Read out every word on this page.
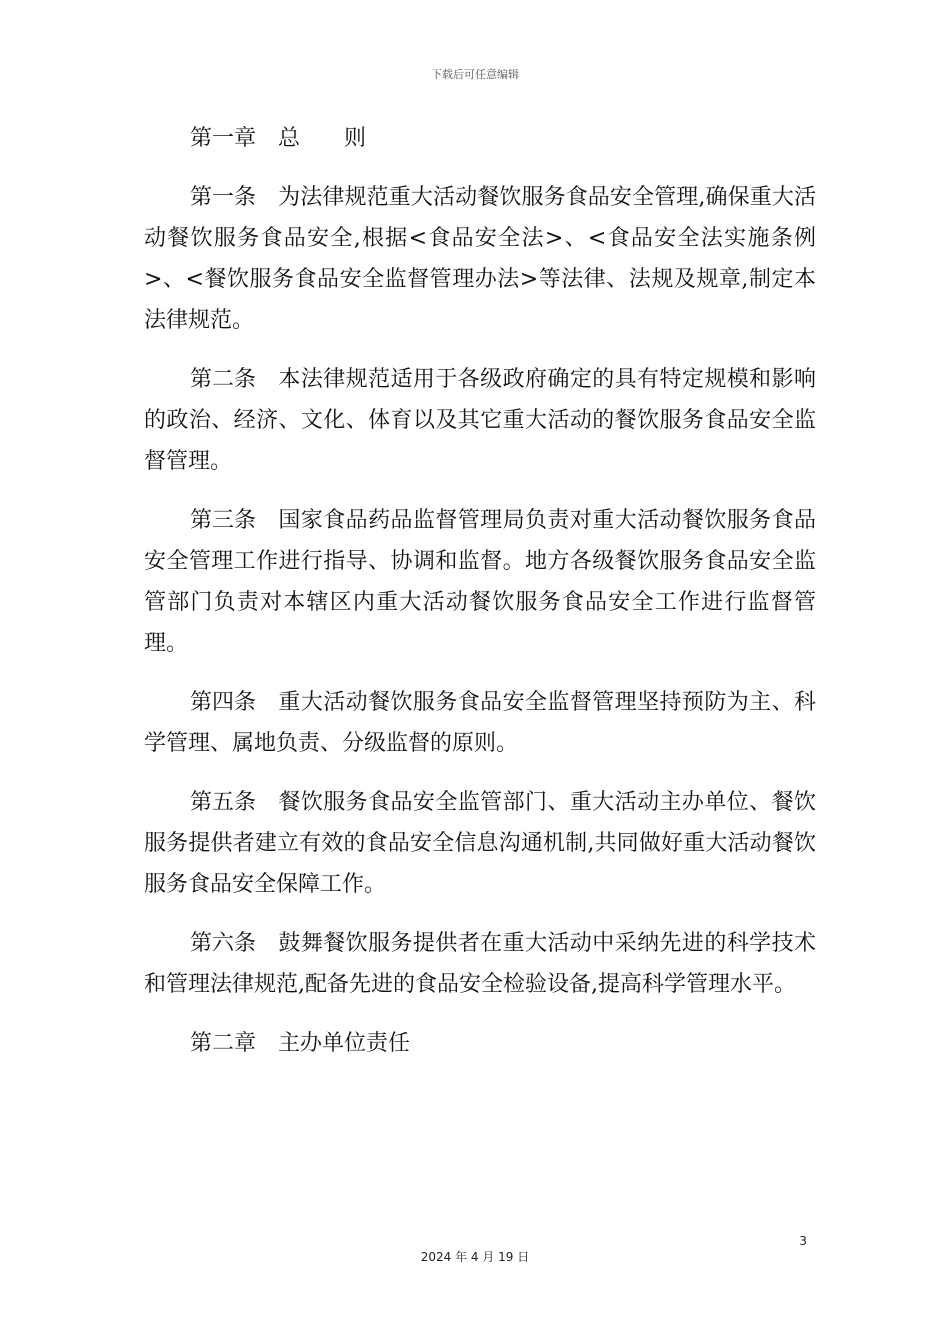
下载后可任意编辑

第一章 总　　则

第一条 为法律规范重大活动餐饮服务食品安全管理,确保重大活动餐饮服务食品安全,根据<食品安全法>、<食品安全法实施条例>、<餐饮服务食品安全监督管理办法>等法律、法规及规章,制定本法律规范。

第二条 本法律规范适用于各级政府确定的具有特定规模和影响的政治、经济、文化、体育以及其它重大活动的餐饮服务食品安全监督管理。

第三条 国家食品药品监督管理局负责对重大活动餐饮服务食品安全管理工作进行指导、协调和监督。地方各级餐饮服务食品安全监管部门负责对本辖区内重大活动餐饮服务食品安全工作进行监督管理。

第四条 重大活动餐饮服务食品安全监督管理坚持预防为主、科学管理、属地负责、分级监督的原则。

第五条 餐饮服务食品安全监管部门、重大活动主办单位、餐饮服务提供者建立有效的食品安全信息沟通机制,共同做好重大活动餐饮服务食品安全保障工作。

第六条 鼓舞餐饮服务提供者在重大活动中采纳先进的科学技术和管理法律规范,配备先进的食品安全检验设备,提高科学管理水平。

第二章 主办单位责任

3
2024 年 4 月 19 日
